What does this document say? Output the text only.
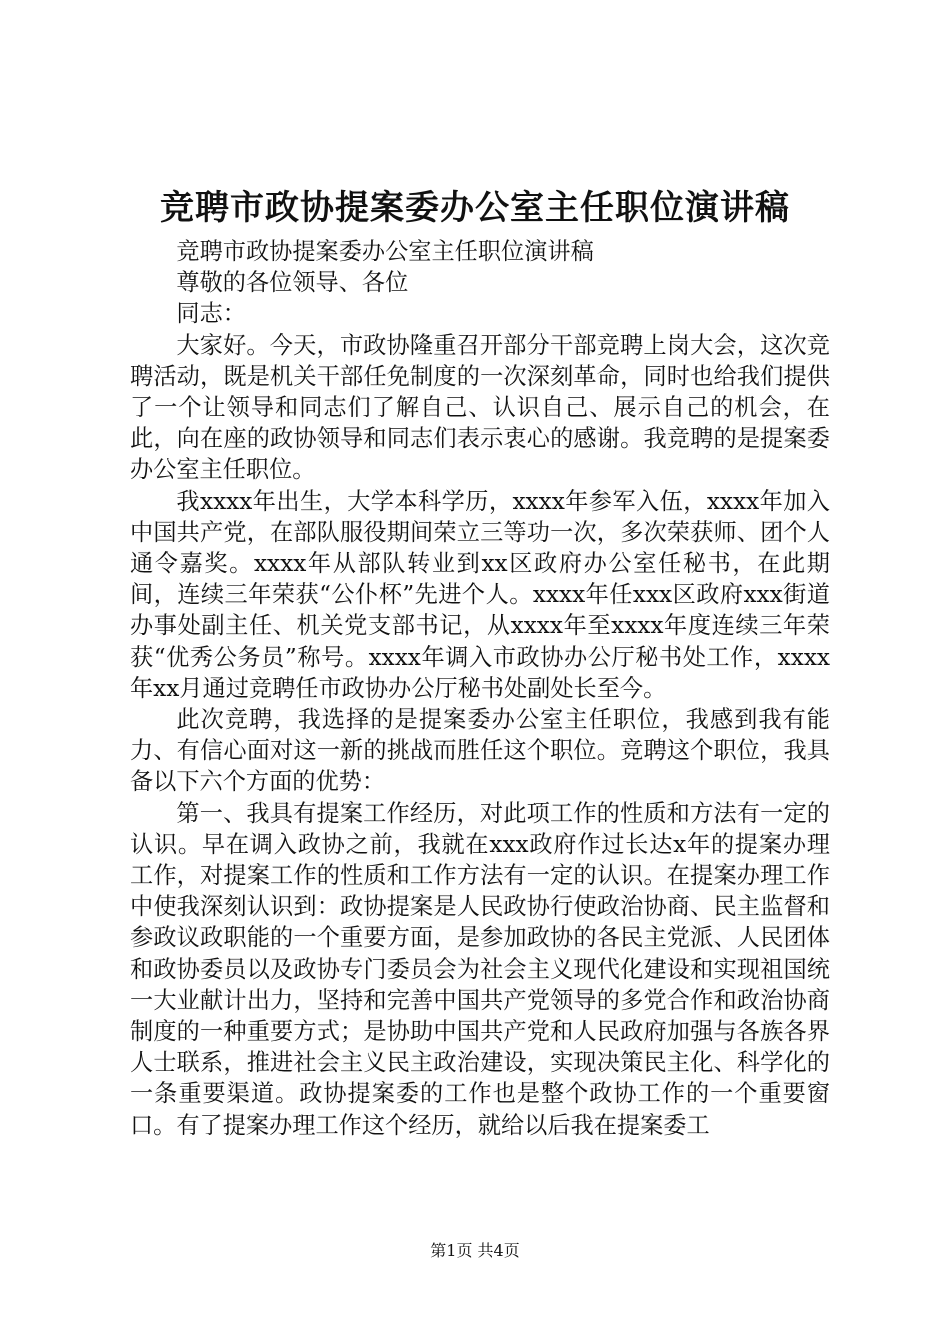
竞聘市政协提案委办公室主任职位演讲稿

竞聘市政协提案委办公室主任职位演讲稿

尊敬的各位领导、各位

同志：

大家好。今天，市政协隆重召开部分干部竞聘上岗大会，这次竞聘活动，既是机关干部任免制度的一次深刻革命，同时也给我们提供了一个让领导和同志们了解自己、认识自己、展示自己的机会，在此，向在座的政协领导和同志们表示衷心的感谢。我竞聘的是提案委办公室主任职位。

我xxxx年出生，大学本科学历，xxxx年参军入伍，xxxx年加入中国共产党，在部队服役期间荣立三等功一次，多次荣获师、团个人通令嘉奖。xxxx年从部队转业到xx区政府办公室任秘书，在此期间，连续三年荣获“公仆杯”先进个人。xxxx年任xxx区政府xxx街道办事处副主任、机关党支部书记，从xxxx年至xxxx年度连续三年荣获“优秀公务员”称号。xxxx年调入市政协办公厅秘书处工作，xxxx年xx月通过竞聘任市政协办公厅秘书处副处长至今。

此次竞聘，我选择的是提案委办公室主任职位，我感到我有能力、有信心面对这一新的挑战而胜任这个职位。竞聘这个职位，我具备以下六个方面的优势：

第一、我具有提案工作经历，对此项工作的性质和方法有一定的认识。早在调入政协之前，我就在xxx政府作过长达x年的提案办理工作，对提案工作的性质和工作方法有一定的认识。在提案办理工作中使我深刻认识到：政协提案是人民政协行使政治协商、民主监督和参政议政职能的一个重要方面，是参加政协的各民主党派、人民团体和政协委员以及政协专门委员会为社会主义现代化建设和实现祖国统一大业献计出力，坚持和完善中国共产党领导的多党合作和政治协商制度的一种重要方式；是协助中国共产党和人民政府加强与各族各界人士联系，推进社会主义民主政治建设，实现决策民主化、科学化的一条重要渠道。政协提案委的工作也是整个政协工作的一个重要窗口。有了提案办理工作这个经历，就给以后我在提案委工

第1页 共4页
